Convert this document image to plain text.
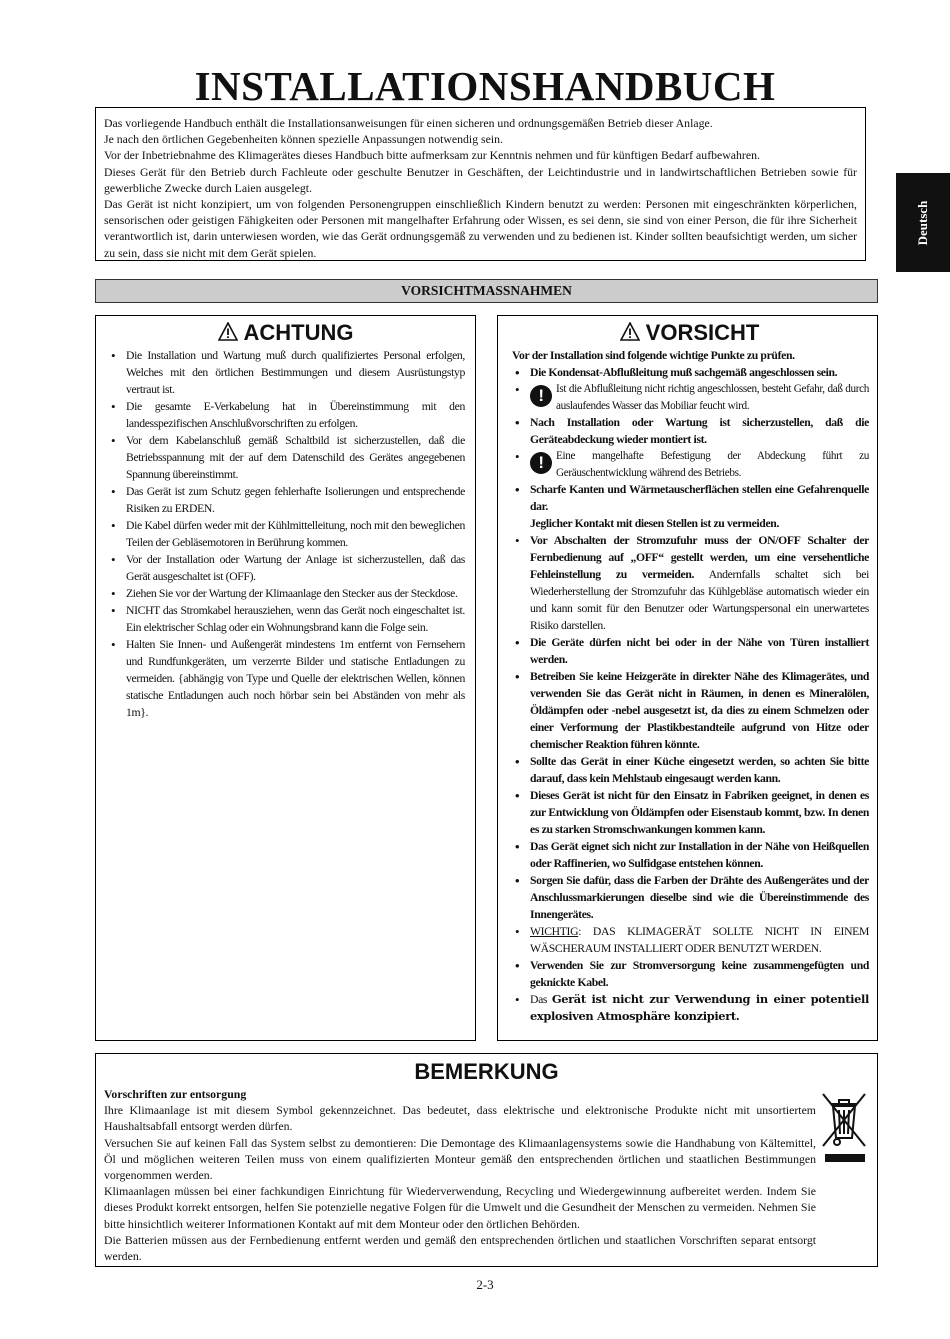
INSTALLATIONSHANDBUCH
Deutsch

Das vorliegende Handbuch enthält die Installationsanweisungen für einen sicheren und ordnungsgemäßen Betrieb dieser Anlage.

Je nach den örtlichen Gegebenheiten können spezielle Anpassungen notwendig sein.

Vor der Inbetriebnahme des Klimagerätes dieses Handbuch bitte aufmerksam zur Kenntnis nehmen und für künftigen Bedarf aufbewahren.

Dieses Gerät für den Betrieb durch Fachleute oder geschulte Benutzer in Geschäften, der Leichtindustrie und in landwirtschaftlichen Betrieben sowie für gewerbliche Zwecke durch Laien ausgelegt.

Das Gerät ist nicht konzipiert, um von folgenden Personengruppen einschließlich Kindern benutzt zu werden: Personen mit eingeschränkten körperlichen, sensorischen oder geistigen Fähigkeiten oder Personen mit mangelhafter Erfahrung oder Wissen, es sei denn, sie sind von einer Person, die für ihre Sicherheit verantwortlich ist, darin unterwiesen worden, wie das Gerät ordnungsgemäß zu verwenden und zu bedienen ist. Kinder sollten beaufsichtigt werden, um sicher zu sein, dass sie nicht mit dem Gerät spielen.

VORSICHTMASSNAHMEN
ACHTUNG
• Die Installation und Wartung muß durch qualifiziertes Personal erfolgen, Welches mit den örtlichen Bestimmungen und diesem Ausrüstungstyp vertraut ist.
• Die gesamte E-Verkabelung hat in Übereinstimmung mit den landesspezifischen Anschlußvorschriften zu erfolgen.
• Vor dem Kabelanschluß gemäß Schaltbild ist sicherzustellen, daß die Betriebsspannung mit der auf dem Datenschild des Gerätes angegebenen Spannung übereinstimmt.
• Das Gerät ist zum Schutz gegen fehlerhafte Isolierungen und entsprechende Risiken zu ERDEN.
• Die Kabel dürfen weder mit der Kühlmittelleitung, noch mit den beweglichen Teilen der Gebläsemotoren in Berührung kommen.
• Vor der Installation oder Wartung der Anlage ist sicherzustellen, daß das Gerät ausgeschaltet ist (OFF).
• Ziehen Sie vor der Wartung der Klimaanlage den Stecker aus der Steckdose.
• NICHT das Stromkabel herausziehen, wenn das Gerät noch eingeschaltet ist. Ein elektrischer Schlag oder ein Wohnungsbrand kann die Folge sein.
• Halten Sie Innen- und Außengerät mindestens 1m entfernt von Fernsehern und Rundfunkgeräten, um verzerrte Bilder und statische Entladungen zu vermeiden. {abhängig von Type und Quelle der elektrischen Wellen, können statische Entladungen auch noch hörbar sein bei Abständen von mehr als 1m}.
VORSICHT
Vor der Installation sind folgende wichtige Punkte zu prüfen.
• Die Kondensat-Abflußleitung muß sachgemäß angeschlossen sein.
• !	Ist die Abflußleitung nicht richtig angeschlossen, besteht Gefahr, daß durch auslaufendes Wasser das Mobiliar feucht wird.
• Nach Installation oder Wartung ist sicherzustellen, daß die Geräteabdeckung wieder montiert ist.
• !	Eine mangelhafte Befestigung der Abdeckung führt zu Geräuschentwicklung während des Betriebs.
• Scharfe Kanten und Wärmetauscherflächen stellen eine Gefahrenquelle dar.
Jeglicher Kontakt mit diesen Stellen ist zu vermeiden.
• Vor Abschalten der Stromzufuhr muss der ON/OFF Schalter der Fernbedienung auf „OFF“ gestellt werden, um eine versehentliche Fehleinstellung zu vermeiden. Andernfalls schaltet sich bei Wiederherstellung der Stromzufuhr das Kühlgebläse automatisch wieder ein und kann somit für den Benutzer oder Wartungspersonal ein unerwartetes Risiko darstellen.
• Die Geräte dürfen nicht bei oder in der Nähe von Türen installiert werden.
• Betreiben Sie keine Heizgeräte in direkter Nähe des Klimagerätes, und verwenden Sie das Gerät nicht in Räumen, in denen es Mineralölen, Öldämpfen oder -nebel ausgesetzt ist, da dies zu einem Schmelzen oder einer Verformung der Plastikbestandteile aufgrund von Hitze oder chemischer Reaktion führen könnte.
• Sollte das Gerät in einer Küche eingesetzt werden, so achten Sie bitte darauf, dass kein Mehlstaub eingesaugt werden kann.
• Dieses Gerät ist nicht für den Einsatz in Fabriken geeignet, in denen es zur Entwicklung von Öldämpfen oder Eisenstaub kommt, bzw. In denen es zu starken Stromschwankungen kommen kann.
• Das Gerät eignet sich nicht zur Installation in der Nähe von Heißquellen oder Raffinerien, wo Sulfidgase entstehen können.
• Sorgen Sie dafür, dass die Farben der Drähte des Außengerätes und der Anschlussmarkierungen dieselbe sind wie die Übereinstimmende des Innengerätes.
• WICHTIG: DAS KLIMAGERÄT SOLLTE NICHT IN EINEM WÄSCHERAUM INSTALLIERT ODER BENUTZT WERDEN.
• Verwenden Sie zur Stromversorgung keine zusammengefügten und geknickte Kabel.
• Das Gerät ist nicht zur Verwendung in einer potentiell explosiven Atmosphäre konzipiert.
BEMERKUNG

Vorschriften zur entsorgung

Ihre Klimaanlage ist mit diesem Symbol gekennzeichnet. Das bedeutet, dass elektrische und elektronische Produkte nicht mit unsortiertem Haushaltsabfall entsorgt werden dürfen.

Versuchen Sie auf keinen Fall das System selbst zu demontieren: Die Demontage des Klimaanlagensystems sowie die Handhabung von Kältemittel, Öl und möglichen weiteren Teilen muss von einem qualifizierten Monteur gemäß den entsprechenden örtlichen und staatlichen Bestimmungen vorgenommen werden.

Klimaanlagen müssen bei einer fachkundigen Einrichtung für Wiederverwendung, Recycling und Wiedergewinnung aufbereitet werden. Indem Sie dieses Produkt korrekt entsorgen, helfen Sie potenzielle negative Folgen für die Umwelt und die Gesundheit der Menschen zu vermeiden. Nehmen Sie bitte hinsichtlich weiterer Informationen Kontakt auf mit dem Monteur oder den örtlichen Behörden.

Die Batterien müssen aus der Fernbedienung entfernt werden und gemäß den entsprechenden örtlichen und staatlichen Vorschriften separat entsorgt werden.

2-3
